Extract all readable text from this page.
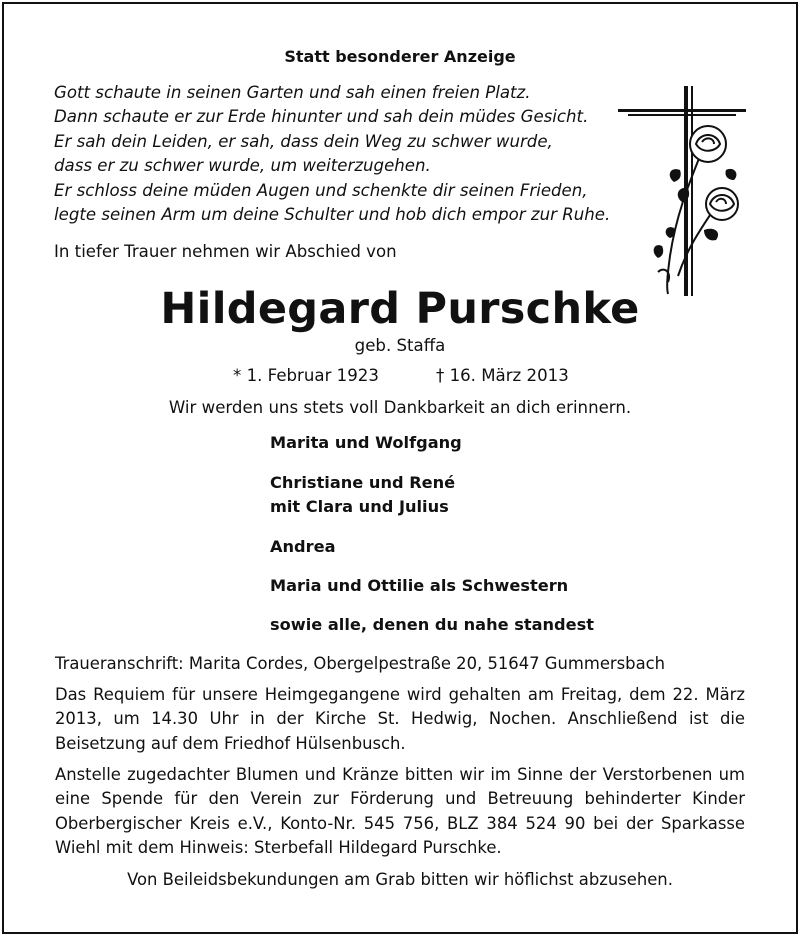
Statt besonderer Anzeige
Gott schaute in seinen Garten und sah einen freien Platz.
Dann schaute er zur Erde hinunter und sah dein müdes Gesicht.
Er sah dein Leiden, er sah, dass dein Weg zu schwer wurde,
dass er zu schwer wurde, um weiterzugehen.
Er schloss deine müden Augen und schenkte dir seinen Frieden,
legte seinen Arm um deine Schulter und hob dich empor zur Ruhe.
In tiefer Trauer nehmen wir Abschied von
Hildegard Purschke
geb. Staffa
* 1. Februar 1923	† 16. März 2013
Wir werden uns stets voll Dankbarkeit an dich erinnern.
Marita und Wolfgang
Christiane und René
mit Clara und Julius
Andrea
Maria und Ottilie als Schwestern
sowie alle, denen du nahe standest
Traueranschrift: Marita Cordes, Obergelpestraße 20, 51647 Gummersbach
Das Requiem für unsere Heimgegangene wird gehalten am Freitag, dem 22. März 2013, um 14.30 Uhr in der Kirche St. Hedwig, Nochen. Anschließend ist die Beisetzung auf dem Friedhof Hülsenbusch.
Anstelle zugedachter Blumen und Kränze bitten wir im Sinne der Verstorbenen um eine Spende für den Verein zur Förderung und Betreuung behinderter Kinder Oberbergischer Kreis e.V., Konto-Nr. 545 756, BLZ 384 524 90 bei der Sparkasse Wiehl mit dem Hinweis: Sterbefall Hildegard Purschke.
Von Beileidsbekundungen am Grab bitten wir höflichst abzusehen.
